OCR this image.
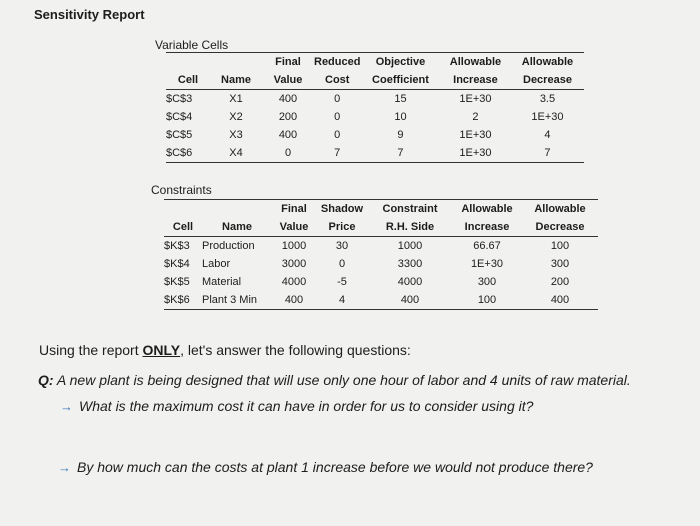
Sensitivity Report
Variable Cells
		Final	Reduced	Objective	Allowable	Allowable
Cell	Name	Value	Cost	Coefficient	Increase	Decrease
$C$3	X1	400	0	15	1E+30	3.5
$C$4	X2	200	0	10	2	1E+30
$C$5	X3	400	0	9	1E+30	4
$C$6	X4	0	7	7	1E+30	7
Constraints
		Final	Shadow	Constraint	Allowable	Allowable
Cell	Name	Value	Price	R.H. Side	Increase	Decrease
$K$3	Production	1000	30	1000	66.67	100
$K$4	Labor	3000	0	3300	1E+30	300
$K$5	Material	4000	-5	4000	300	200
$K$6	Plant 3 Min	400	4	400	100	400
Using the report ONLY, let's answer the following questions:
Q: A new plant is being designed that will use only one hour of labor and 4 units of raw material.
→ What is the maximum cost it can have in order for us to consider using it?
→ By how much can the costs at plant 1 increase before we would not produce there?
